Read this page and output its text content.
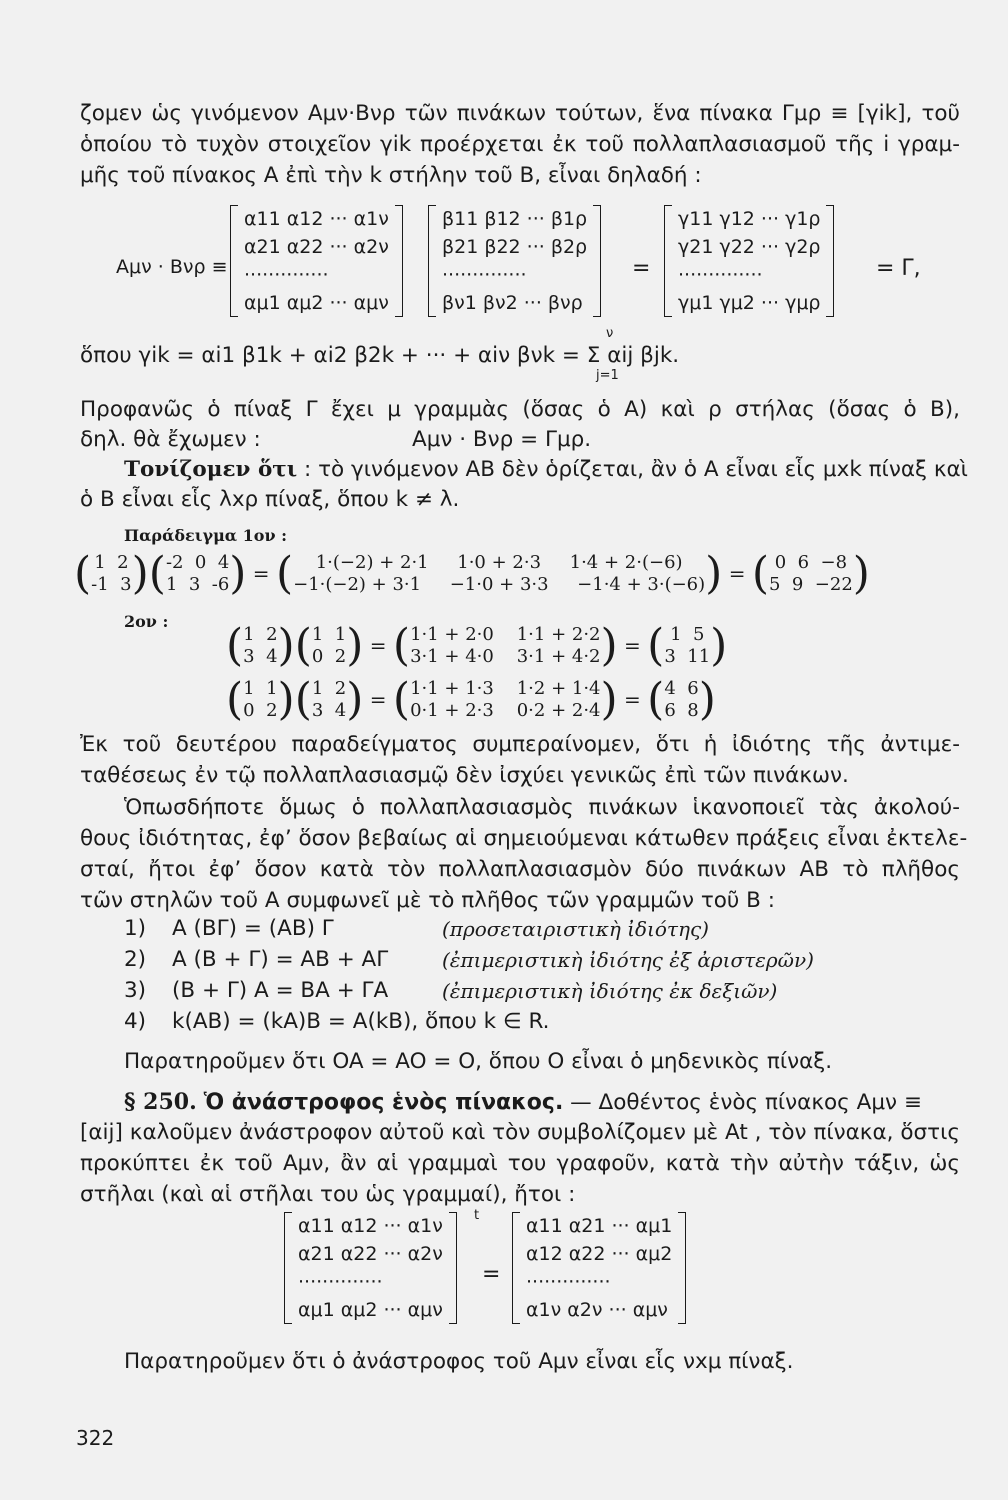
ζομεν ὡς γινόμενον Aμν·Bνρ τῶν πινάκων τούτων, ἕνα πίνακα Γμρ ≡ [γik], τοῦ
ὁποίου τὸ τυχὸν στοιχεῖον γik προέρχεται ἐκ τοῦ πολλαπλασιασμοῦ τῆς i γραμ-
μῆς τοῦ πίνακος A ἐπὶ τὴν k στήλην τοῦ B, εἶναι δηλαδή :
Aμν · Bνρ ≡
α11 α12 ··· α1ν
α21 α22 ··· α2ν
··············
αμ1 αμ2 ··· αμν
β11 β12 ··· β1ρ
β21 β22 ··· β2ρ
··············
βν1 βν2 ··· βνρ
=
γ11 γ12 ··· γ1ρ
γ21 γ22 ··· γ2ρ
··············
γμ1 γμ2 ··· γμρ
= Γ,
ν
ὅπου γik = αi1 β1k + αi2 β2k + ··· + αiν βνk = Σ αij βjk.
j=1
Προφανῶς ὁ πίναξ Γ ἔχει μ γραμμὰς (ὅσας ὁ A) καὶ ρ στήλας (ὅσας ὁ B),
δηλ. θὰ ἔχωμεν :	Aμν · Bνρ = Γμρ.
Τονίζομεν ὅτι : τὸ γινόμενον AB δὲν ὁρίζεται, ἂν ὁ A εἶναι εἷς μxk πίναξ καὶ
ὁ B εἶναι εἷς λxρ πίναξ, ὅπου k ≠ λ.
Παράδειγμα 1ον :
( 1  2
-1  3 )( -2  0  4
1  3  -6 ) = (	1·(−2) + 2·1     1·0 + 2·3     1·4 + 2·(−6)
−1·(−2) + 3·1     −1·0 + 3·3     −1·4 + 3·(−6) ) = ( 0  6  −8
5  9  −22 )
2ον : ( 1  2
3  4 )( 1  1
0  2 ) = ( 1·1 + 2·0    1·1 + 2·2
3·1 + 4·0    3·1 + 4·2 ) = ( 1  5
3  11 )
( 1  1
0  2 )( 1  2
3  4 ) = ( 1·1 + 1·3    1·2 + 1·4
0·1 + 2·3    0·2 + 2·4 ) = ( 4  6
6  8 )
Ἐκ τοῦ δευτέρου παραδείγματος συμπεραίνομεν, ὅτι ἡ ἰδιότης τῆς ἀντιμε-
ταθέσεως ἐν τῷ πολλαπλασιασμῷ δὲν ἰσχύει γενικῶς ἐπὶ τῶν πινάκων.
Ὁπωσδήποτε ὅμως ὁ πολλαπλασιασμὸς πινάκων ἱκανοποιεῖ τὰς ἀκολού-
θους ἰδιότητας, ἐφ’ ὅσον βεβαίως αἱ σημειούμεναι κάτωθεν πράξεις εἶναι ἐκτελε-
σταί, ἤτοι ἐφ’ ὅσον κατὰ τὸν πολλαπλασιασμὸν δύο πινάκων AB τὸ πλῆθος
τῶν στηλῶν τοῦ A συμφωνεῖ μὲ τὸ πλῆθος τῶν γραμμῶν τοῦ B :
1) A (BΓ) = (AB) Γ	(προσεταιριστικὴ ἰδιότης)
2) A (B + Γ) = AB + AΓ	(ἐπιμεριστικὴ ἰδιότης ἐξ ἀριστερῶν)
3) (B + Γ) A = BA + ΓA	(ἐπιμεριστικὴ ἰδιότης ἐκ δεξιῶν)
4) k(AB) = (kA)B = A(kB), ὅπου k ∈ R.
Παρατηροῦμεν ὅτι OA = AO = O, ὅπου O εἶναι ὁ μηδενικὸς πίναξ.
§ 250. Ὁ ἀνάστροφος ἑνὸς πίνακος. — Δοθέντος ἑνὸς πίνακος Aμν ≡
[αij] καλοῦμεν ἀνάστροφον αὐτοῦ καὶ τὸν συμβολίζομεν μὲ At , τὸν πίνακα, ὅστις
προκύπτει ἐκ τοῦ Aμν, ἂν αἱ γραμμαὶ του γραφοῦν, κατὰ τὴν αὐτὴν τάξιν, ὡς
στῆλαι (καὶ αἱ στῆλαι του ὡς γραμμαί), ἤτοι :
α11 α12 ··· α1ν
α21 α22 ··· α2ν
··············
αμ1 αμ2 ··· αμν
t
=
α11 α21 ··· αμ1
α12 α22 ··· αμ2
··············
α1ν α2ν ··· αμν
Παρατηροῦμεν ὅτι ὁ ἀνάστροφος τοῦ Aμν εἶναι εἷς νxμ πίναξ.
322
